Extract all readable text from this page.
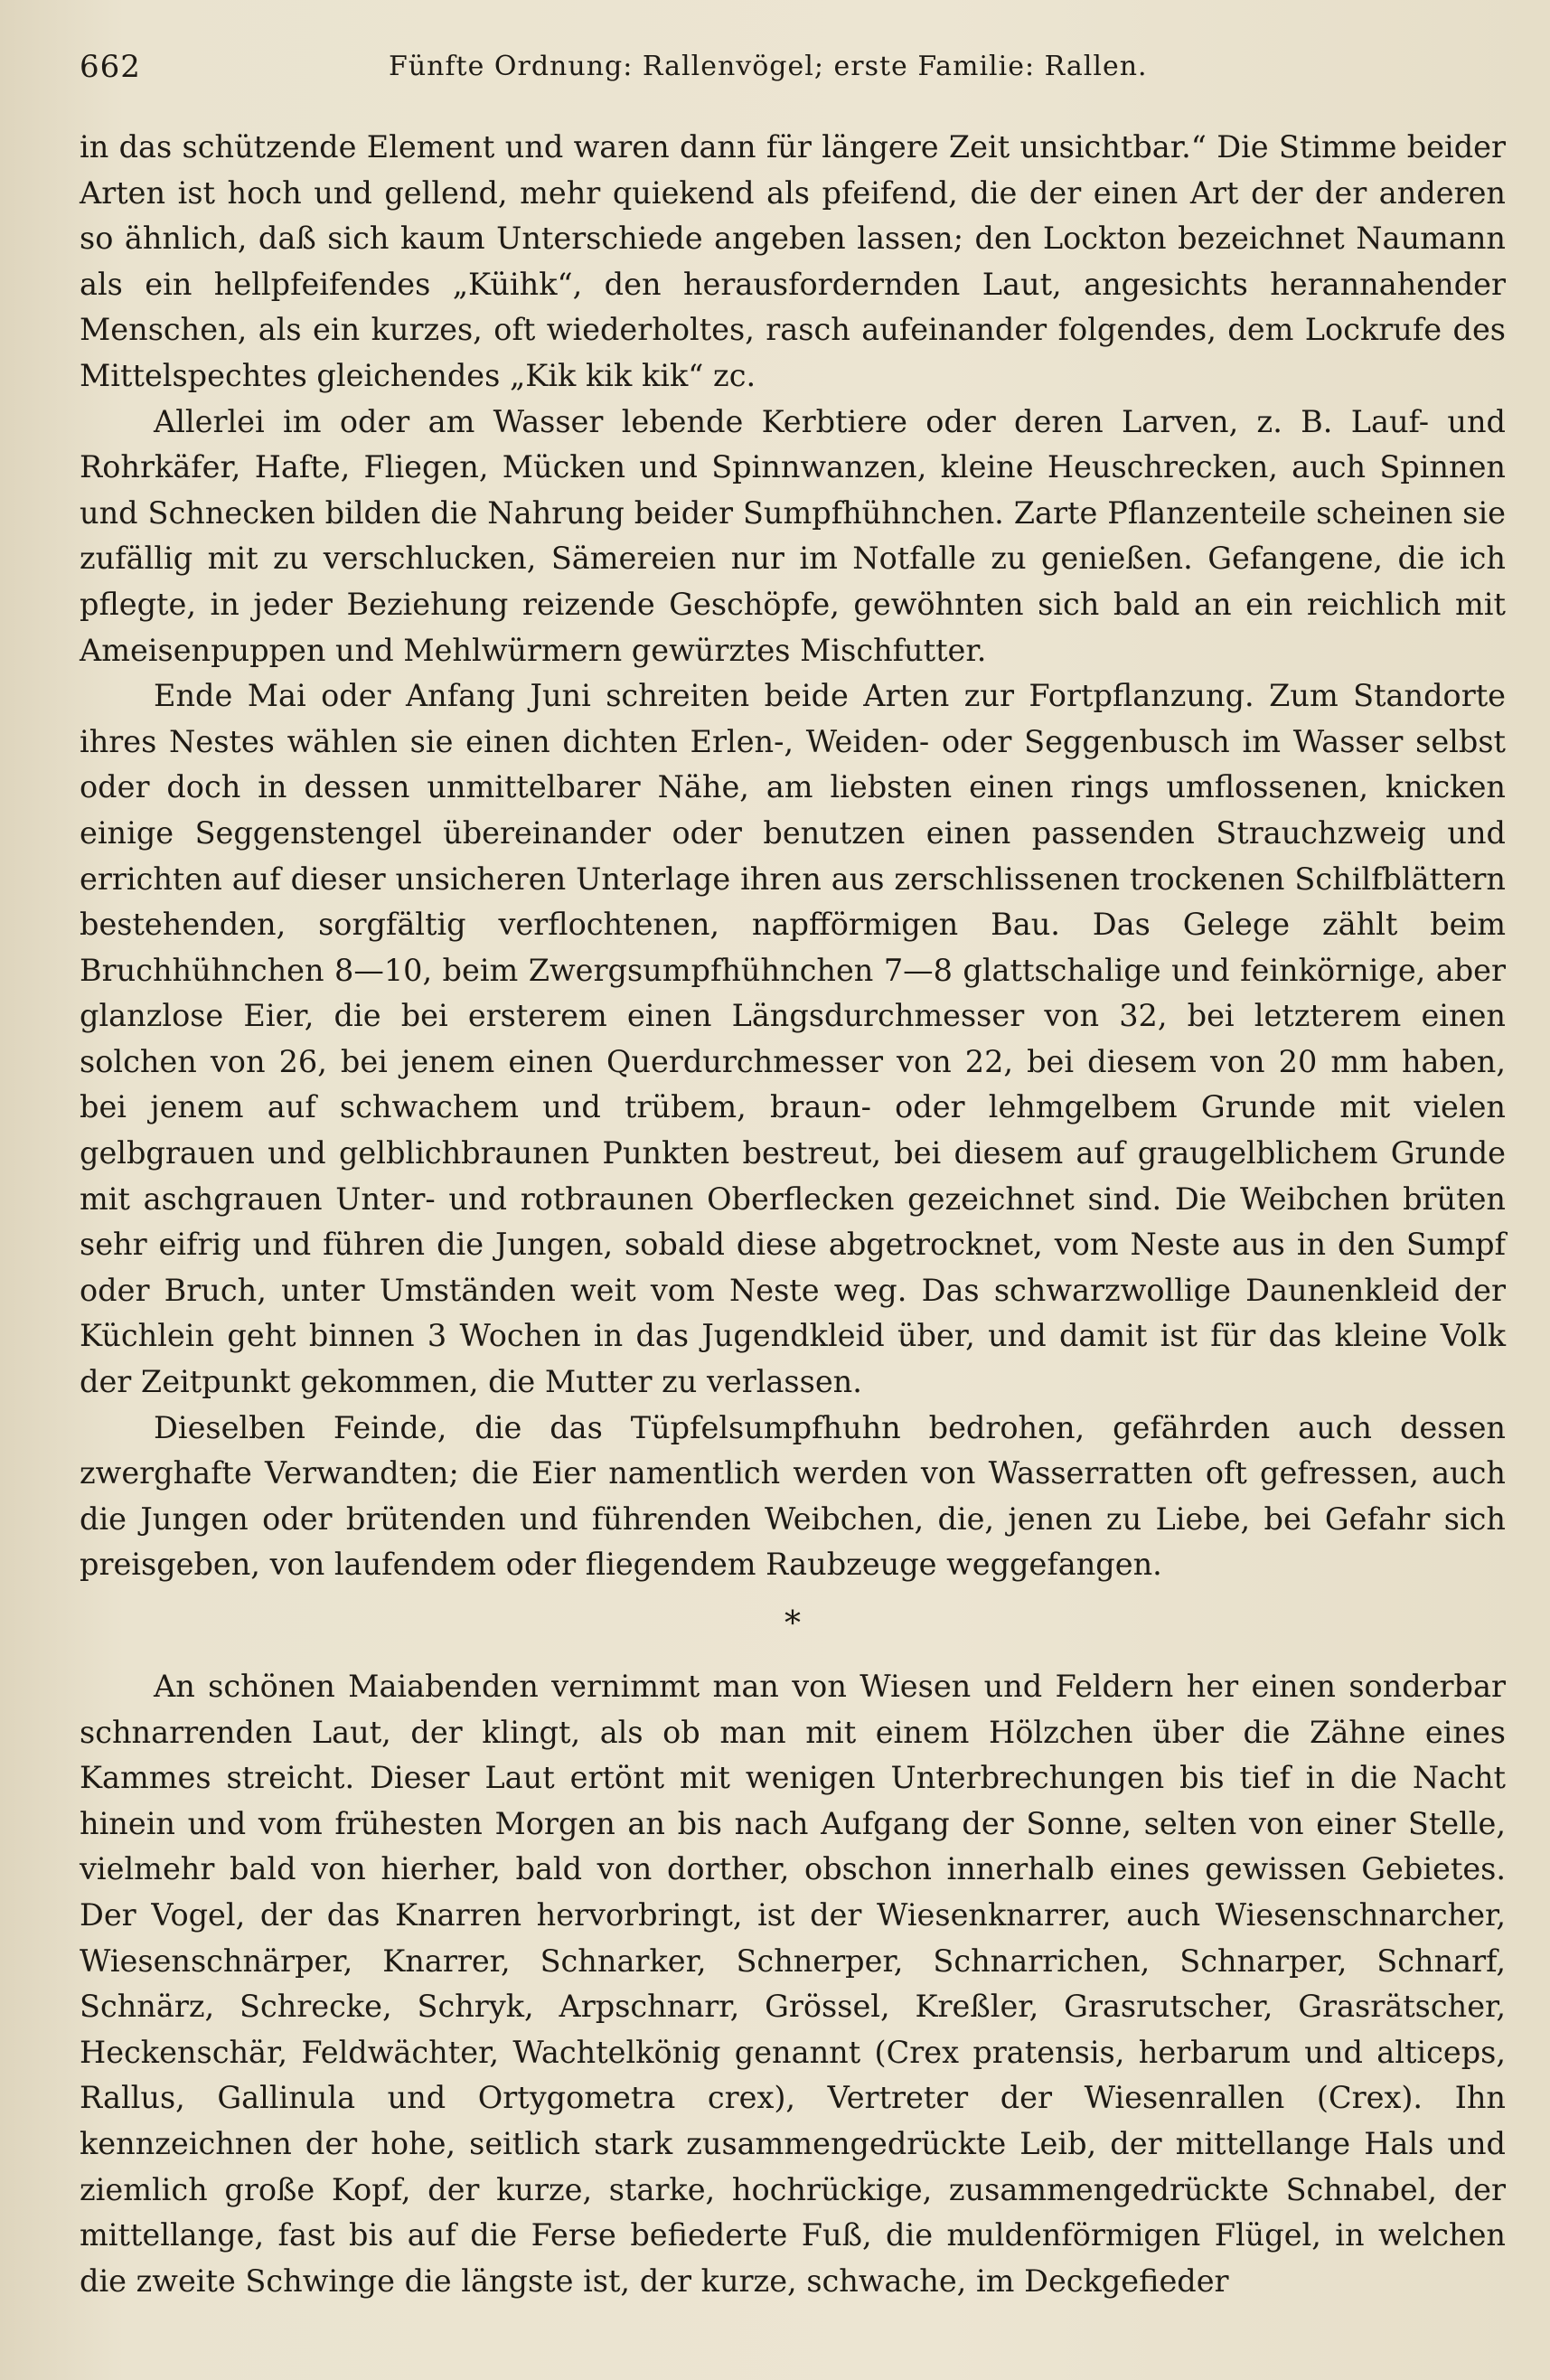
662	Fünfte Ordnung: Rallenvögel; erste Familie: Rallen.

in das schützende Element und waren dann für längere Zeit unsichtbar.“ Die Stimme beider Arten ist hoch und gellend, mehr quiekend als pfeifend, die der einen Art der der anderen so ähnlich, daß sich kaum Unterschiede angeben lassen; den Lockton bezeichnet Naumann als ein hellpfeifendes „Küihk“, den herausfordernden Laut, angesichts herannahender Menschen, als ein kurzes, oft wiederholtes, rasch aufeinander folgendes, dem Lockrufe des Mittelspechtes gleichendes „Kik kik kik“ zc.

Allerlei im oder am Wasser lebende Kerbtiere oder deren Larven, z. B. Lauf- und Rohrkäfer, Hafte, Fliegen, Mücken und Spinnwanzen, kleine Heuschrecken, auch Spinnen und Schnecken bilden die Nahrung beider Sumpfhühnchen. Zarte Pflanzenteile scheinen sie zufällig mit zu verschlucken, Sämereien nur im Notfalle zu genießen. Gefangene, die ich pflegte, in jeder Beziehung reizende Geschöpfe, gewöhnten sich bald an ein reichlich mit Ameisenpuppen und Mehlwürmern gewürztes Mischfutter.

Ende Mai oder Anfang Juni schreiten beide Arten zur Fortpflanzung. Zum Standorte ihres Nestes wählen sie einen dichten Erlen-, Weiden- oder Seggenbusch im Wasser selbst oder doch in dessen unmittelbarer Nähe, am liebsten einen rings umflossenen, knicken einige Seggenstengel übereinander oder benutzen einen passenden Strauchzweig und errichten auf dieser unsicheren Unterlage ihren aus zerschlissenen trockenen Schilfblättern bestehenden, sorgfältig verflochtenen, napfförmigen Bau. Das Gelege zählt beim Bruchhühnchen 8—10, beim Zwergsumpfhühnchen 7—8 glattschalige und feinkörnige, aber glanzlose Eier, die bei ersterem einen Längsdurchmesser von 32, bei letzterem einen solchen von 26, bei jenem einen Querdurchmesser von 22, bei diesem von 20 mm haben, bei jenem auf schwachem und trübem, braun- oder lehmgelbem Grunde mit vielen gelbgrauen und gelblichbraunen Punkten bestreut, bei diesem auf graugelblichem Grunde mit aschgrauen Unter- und rotbraunen Oberflecken gezeichnet sind. Die Weibchen brüten sehr eifrig und führen die Jungen, sobald diese abgetrocknet, vom Neste aus in den Sumpf oder Bruch, unter Umständen weit vom Neste weg. Das schwarzwollige Daunenkleid der Küchlein geht binnen 3 Wochen in das Jugendkleid über, und damit ist für das kleine Volk der Zeitpunkt gekommen, die Mutter zu verlassen.

Dieselben Feinde, die das Tüpfelsumpfhuhn bedrohen, gefährden auch dessen zwerghafte Verwandten; die Eier namentlich werden von Wasserratten oft gefressen, auch die Jungen oder brütenden und führenden Weibchen, die, jenen zu Liebe, bei Gefahr sich preisgeben, von laufendem oder fliegendem Raubzeuge weggefangen.

*

An schönen Maiabenden vernimmt man von Wiesen und Feldern her einen sonderbar schnarrenden Laut, der klingt, als ob man mit einem Hölzchen über die Zähne eines Kammes streicht. Dieser Laut ertönt mit wenigen Unterbrechungen bis tief in die Nacht hinein und vom frühesten Morgen an bis nach Aufgang der Sonne, selten von einer Stelle, vielmehr bald von hierher, bald von dorther, obschon innerhalb eines gewissen Gebietes. Der Vogel, der das Knarren hervorbringt, ist der Wiesenknarrer, auch Wiesenschnarcher, Wiesenschnärper, Knarrer, Schnarker, Schnerper, Schnarrichen, Schnarper, Schnarf, Schnärz, Schrecke, Schryk, Arpschnarr, Grössel, Kreßler, Grasrutscher, Grasrätscher, Heckenschär, Feldwächter, Wachtelkönig genannt (Crex pratensis, herbarum und alticeps, Rallus, Gallinula und Ortygometra crex), Vertreter der Wiesenrallen (Crex). Ihn kennzeichnen der hohe, seitlich stark zusammengedrückte Leib, der mittellange Hals und ziemlich große Kopf, der kurze, starke, hochrückige, zusammengedrückte Schnabel, der mittellange, fast bis auf die Ferse befiederte Fuß, die muldenförmigen Flügel, in welchen die zweite Schwinge die längste ist, der kurze, schwache, im Deckgefieder
